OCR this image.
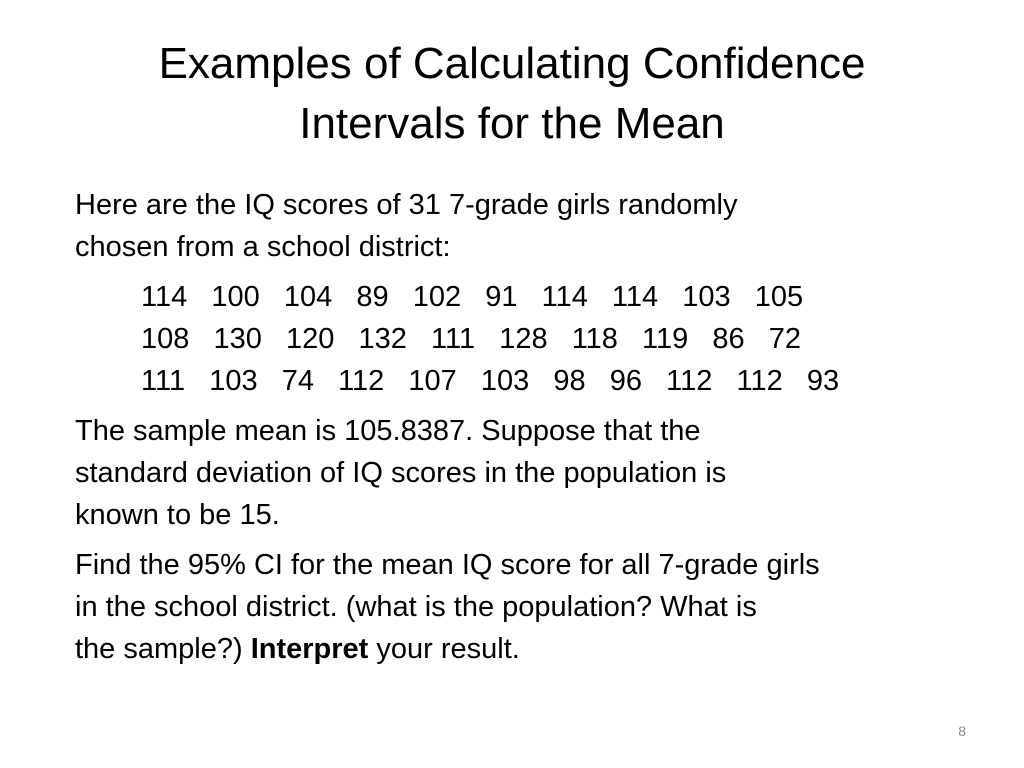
Examples of Calculating Confidence
Intervals for the Mean
Here are the IQ scores of 31 7-grade girls randomly
chosen from a school district:
114  100  104  89  102  91  114  114  103  105
108  130  120  132  111  128  118  119  86  72
111  103  74  112  107  103  98  96  112  112  93
The sample mean is 105.8387. Suppose that the
standard deviation of IQ scores in the population is
known to be 15.
Find the 95% CI for the mean IQ score for all 7-grade girls
in the school district. (what is the population? What is
the sample?) Interpret your result.
8
